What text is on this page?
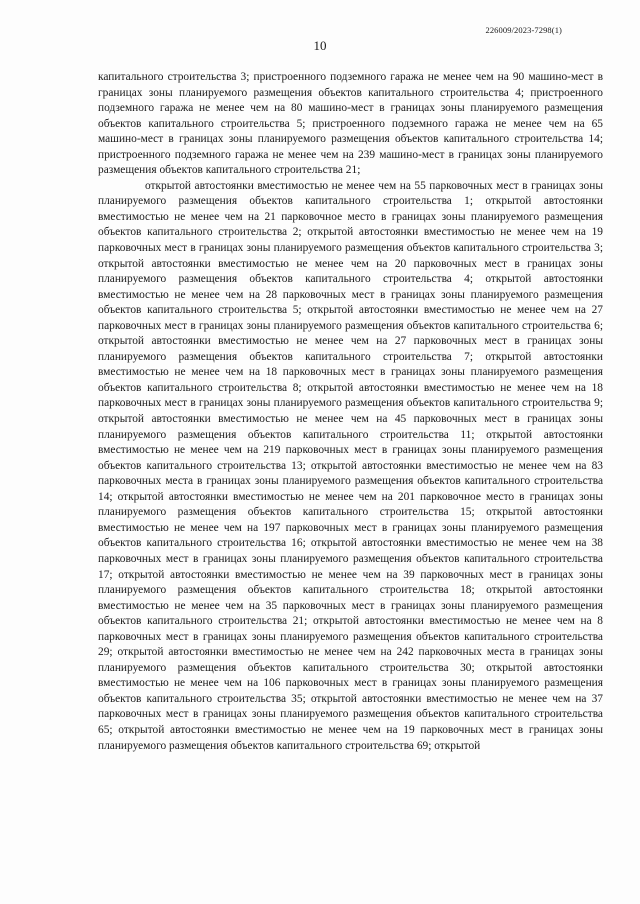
226009/2023-7298(1)
10

капитального строительства 3; пристроенного подземного гаража не менее чем на 90 машино-мест в границах зоны планируемого размещения объектов капитального строительства 4; пристроенного подземного гаража не менее чем на 80 машино-мест в границах зоны планируемого размещения объектов капитального строительства 5; пристроенного подземного гаража не менее чем на 65 машино-мест в границах зоны планируемого размещения объектов капитального строительства 14; пристроенного подземного гаража не менее чем на 239 машино-мест в границах зоны планируемого размещения объектов капитального строительства 21;

открытой автостоянки вместимостью не менее чем на 55 парковочных мест в границах зоны планируемого размещения объектов капитального строительства 1; открытой автостоянки вместимостью не менее чем на 21 парковочное место в границах зоны планируемого размещения объектов капитального строительства 2; открытой автостоянки вместимостью не менее чем на 19 парковочных мест в границах зоны планируемого размещения объектов капитального строительства 3; открытой автостоянки вместимостью не менее чем на 20 парковочных мест в границах зоны планируемого размещения объектов капитального строительства 4; открытой автостоянки вместимостью не менее чем на 28 парковочных мест в границах зоны планируемого размещения объектов капитального строительства 5; открытой автостоянки вместимостью не менее чем на 27 парковочных мест в границах зоны планируемого размещения объектов капитального строительства 6; открытой автостоянки вместимостью не менее чем на 27 парковочных мест в границах зоны планируемого размещения объектов капитального строительства 7; открытой автостоянки вместимостью не менее чем на 18 парковочных мест в границах зоны планируемого размещения объектов капитального строительства 8; открытой автостоянки вместимостью не менее чем на 18 парковочных мест в границах зоны планируемого размещения объектов капитального строительства 9; открытой автостоянки вместимостью не менее чем на 45 парковочных мест в границах зоны планируемого размещения объектов капитального строительства 11; открытой автостоянки вместимостью не менее чем на 219 парковочных мест в границах зоны планируемого размещения объектов капитального строительства 13; открытой автостоянки вместимостью не менее чем на 83 парковочных места в границах зоны планируемого размещения объектов капитального строительства 14; открытой автостоянки вместимостью не менее чем на 201 парковочное место в границах зоны планируемого размещения объектов капитального строительства 15; открытой автостоянки вместимостью не менее чем на 197 парковочных мест в границах зоны планируемого размещения объектов капитального строительства 16; открытой автостоянки вместимостью не менее чем на 38 парковочных мест в границах зоны планируемого размещения объектов капитального строительства 17; открытой автостоянки вместимостью не менее чем на 39 парковочных мест в границах зоны планируемого размещения объектов капитального строительства 18; открытой автостоянки вместимостью не менее чем на 35 парковочных мест в границах зоны планируемого размещения объектов капитального строительства 21; открытой автостоянки вместимостью не менее чем на 8 парковочных мест в границах зоны планируемого размещения объектов капитального строительства 29; открытой автостоянки вместимостью не менее чем на 242 парковочных места в границах зоны планируемого размещения объектов капитального строительства 30; открытой автостоянки вместимостью не менее чем на 106 парковочных мест в границах зоны планируемого размещения объектов капитального строительства 35; открытой автостоянки вместимостью не менее чем на 37 парковочных мест в границах зоны планируемого размещения объектов капитального строительства 65; открытой автостоянки вместимостью не менее чем на 19 парковочных мест в границах зоны планируемого размещения объектов капитального строительства 69; открытой
